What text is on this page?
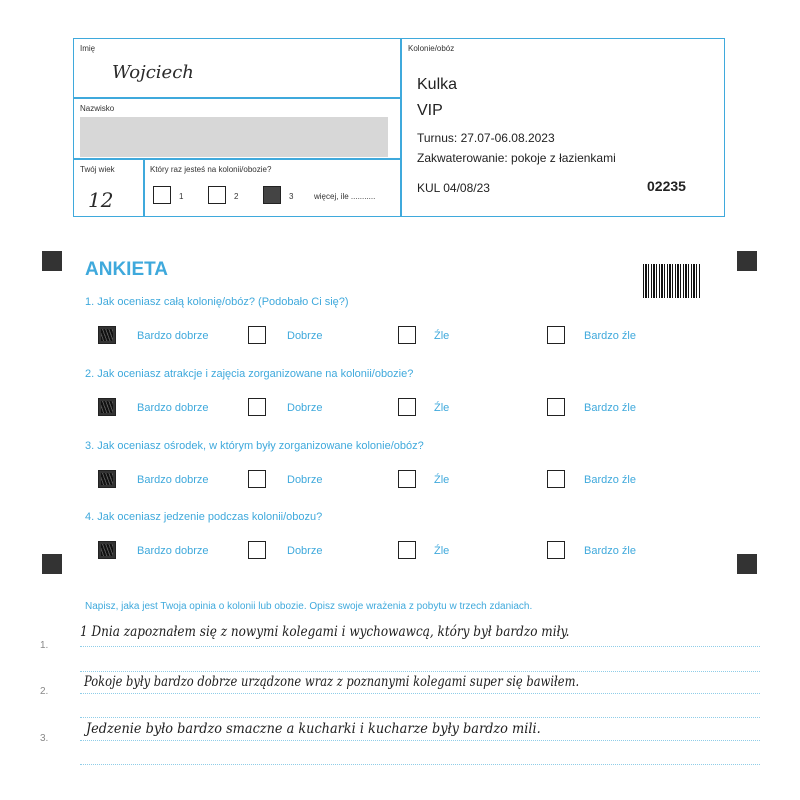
Imię
Wojciech
Nazwisko
Twój wiek
12
Który raz jesteś na kolonii/obozie?
1	2	3	więcej, ile ...........
Kolonie/obóz
Kulka
VIP
Turnus: 27.07-06.08.2023
Zakwaterowanie: pokoje z łazienkami
KUL 04/08/23	02235
ANKIETA
1. Jak oceniasz całą kolonię/obóz? (Podobało Ci się?)
Bardzo dobrze	Dobrze	Źle	Bardzo źle
2. Jak oceniasz atrakcje i zajęcia zorganizowane na kolonii/obozie?
Bardzo dobrze	Dobrze	Źle	Bardzo źle
3. Jak oceniasz ośrodek, w którym były zorganizowane kolonie/obóz?
Bardzo dobrze	Dobrze	Źle	Bardzo źle
4. Jak oceniasz jedzenie podczas kolonii/obozu?
Bardzo dobrze	Dobrze	Źle	Bardzo źle
Napisz, jaka jest Twoja opinia o kolonii lub obozie. Opisz swoje wrażenia z pobytu w trzech zdaniach.
1.
2.
3.
1 Dnia zapoznałem się z nowymi kolegami i wychowawcą, który był bardzo miły.
Pokoje były bardzo dobrze urządzone wraz z poznanymi kolegami super się bawiłem.
Jedzenie było bardzo smaczne a kucharki i kucharze były bardzo mili.
